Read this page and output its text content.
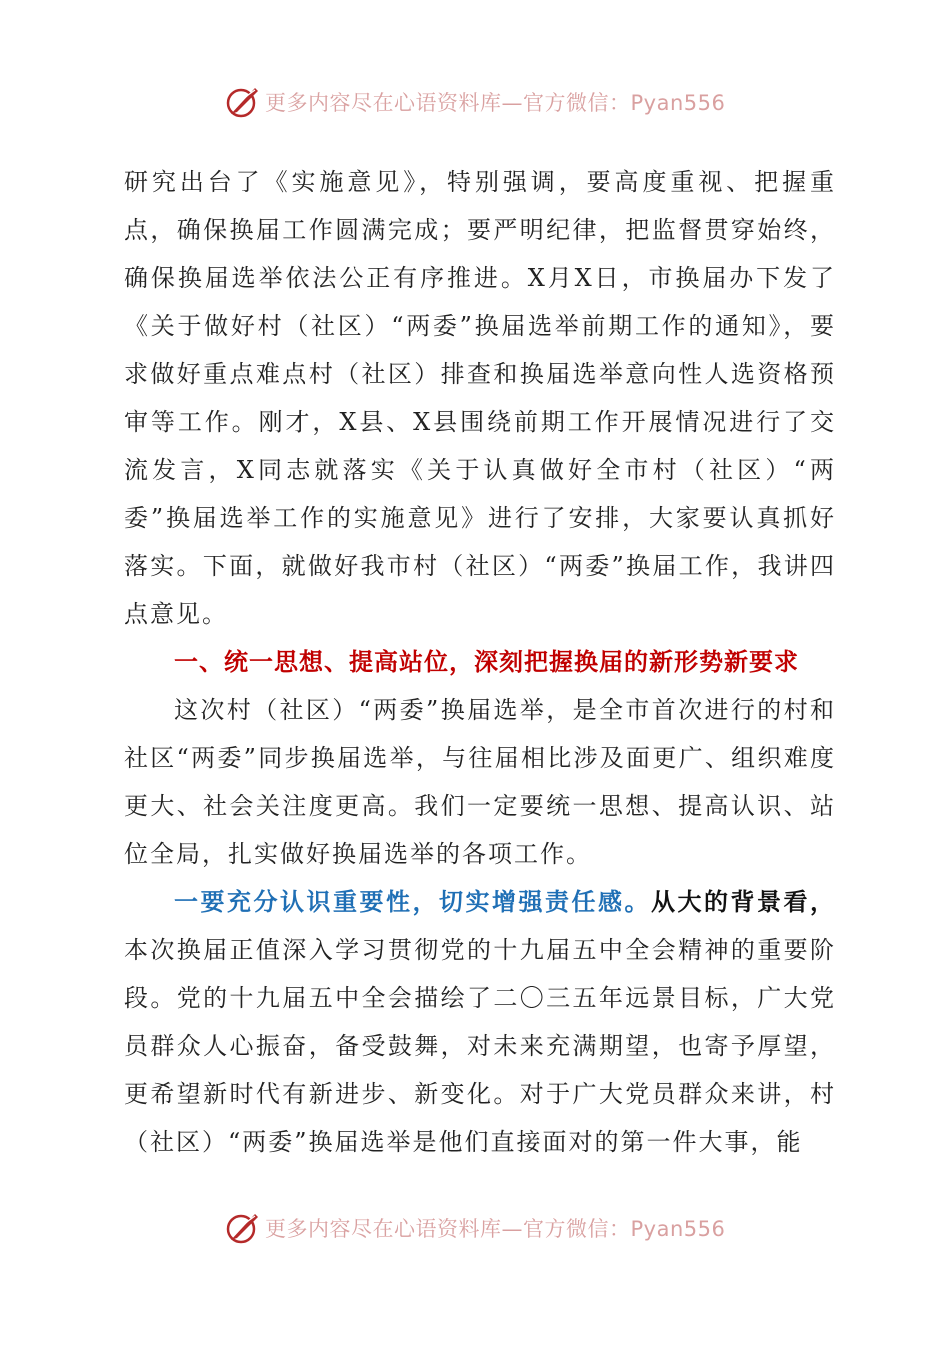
更多内容尽在心语资料库—官方微信：Pyan556

研究出台了《实施意见》，特别强调，要高度重视、把握重点，确保换届工作圆满完成；要严明纪律，把监督贯穿始终，确保换届选举依法公正有序推进。X月X日，市换届办下发了《关于做好村（社区）“两委”换届选举前期工作的通知》，要求做好重点难点村（社区）排查和换届选举意向性人选资格预审等工作。刚才，X县、X县围绕前期工作开展情况进行了交流发言，X同志就落实《关于认真做好全市村（社区）“两委”换届选举工作的实施意见》进行了安排，大家要认真抓好落实。下面，就做好我市村（社区）“两委”换届工作，我讲四点意见。

一、统一思想、提高站位，深刻把握换届的新形势新要求

这次村（社区）“两委”换届选举，是全市首次进行的村和社区“两委”同步换届选举，与往届相比涉及面更广、组织难度更大、社会关注度更高。我们一定要统一思想、提高认识、站位全局，扎实做好换届选举的各项工作。

一要充分认识重要性，切实增强责任感。从大的背景看，本次换届正值深入学习贯彻党的十九届五中全会精神的重要阶段。党的十九届五中全会描绘了二〇三五年远景目标，广大党员群众人心振奋，备受鼓舞，对未来充满期望，也寄予厚望，更希望新时代有新进步、新变化。对于广大党员群众来讲，村（社区）“两委”换届选举是他们直接面对的第一件大事，能

更多内容尽在心语资料库—官方微信：Pyan556
